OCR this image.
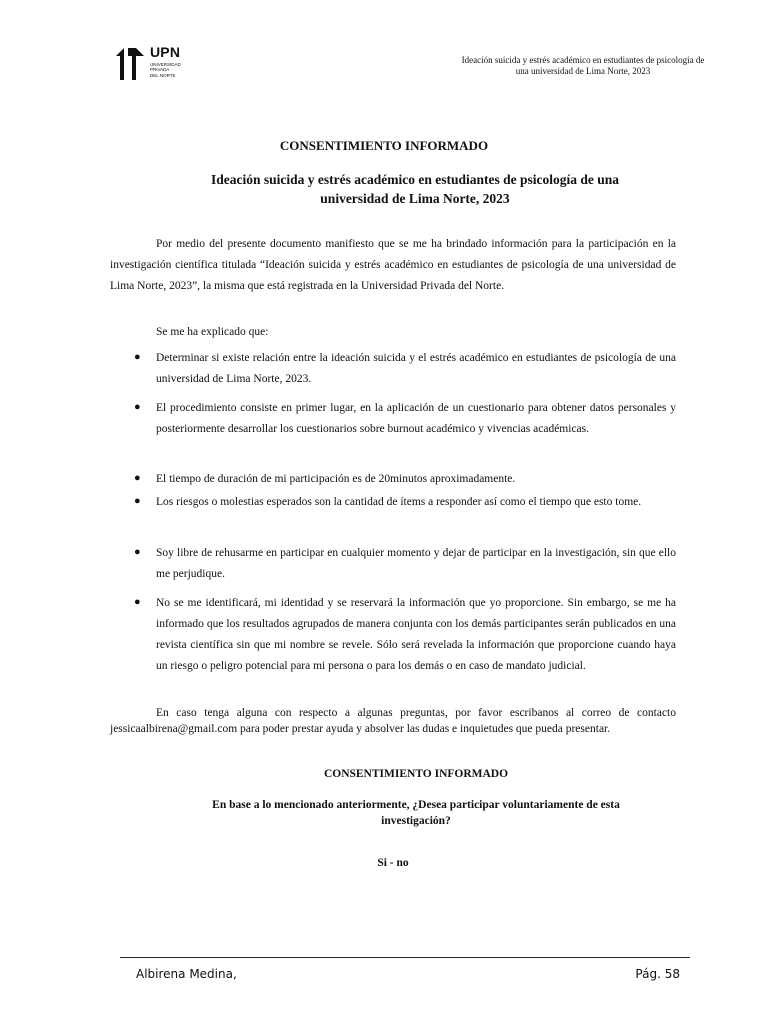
UPN
UNIVERSIDAD
PRIVADA
DEL NORTE
Ideación suicida y estrés académico en estudiantes de psicología de
una universidad de Lima Norte, 2023
CONSENTIMIENTO INFORMADO
Ideación suicida y estrés académico en estudiantes de psicología de una
universidad de Lima Norte, 2023
Por medio del presente documento manifiesto que se me ha brindado información para la participación en la investigación científica titulada “Ideación suicida y estrés académico en estudiantes de psicología de una universidad de Lima Norte, 2023”, la misma que está registrada en la Universidad Privada del Norte.
Se me ha explicado que:
● Determinar si existe relación entre la ideación suicida y el estrés académico en estudiantes de psicología de una universidad de Lima Norte, 2023.
● El procedimiento consiste en primer lugar, en la aplicación de un cuestionario para obtener datos personales y posteriormente desarrollar los cuestionarios sobre burnout académico y vivencias académicas.
● El tiempo de duración de mi participación es de 20minutos aproximadamente.
● Los riesgos o molestias esperados son la cantidad de ítems a responder así como el tiempo que esto tome.
● Soy libre de rehusarme en participar en cualquier momento y dejar de participar en la investigación, sin que ello me perjudique.
● No se me identificará, mi identidad y se reservará la información que yo proporcione. Sin embargo, se me ha informado que los resultados agrupados de manera conjunta con los demás participantes serán publicados en una revista científica sin que mi nombre se revele. Sólo será revelada la información que proporcione cuando haya un riesgo o peligro potencial para mi persona o para los demás o en caso de mandato judicial.
En caso tenga alguna con respecto a algunas preguntas, por favor escribanos al correo de contacto jessicaalbirena@gmail.com para poder prestar ayuda y absolver las dudas e inquietudes que pueda presentar.
CONSENTIMIENTO INFORMADO
En base a lo mencionado anteriormente, ¿Desea participar voluntariamente de esta
investigación?
Si - no
Albirena Medina,	Pág. 58
